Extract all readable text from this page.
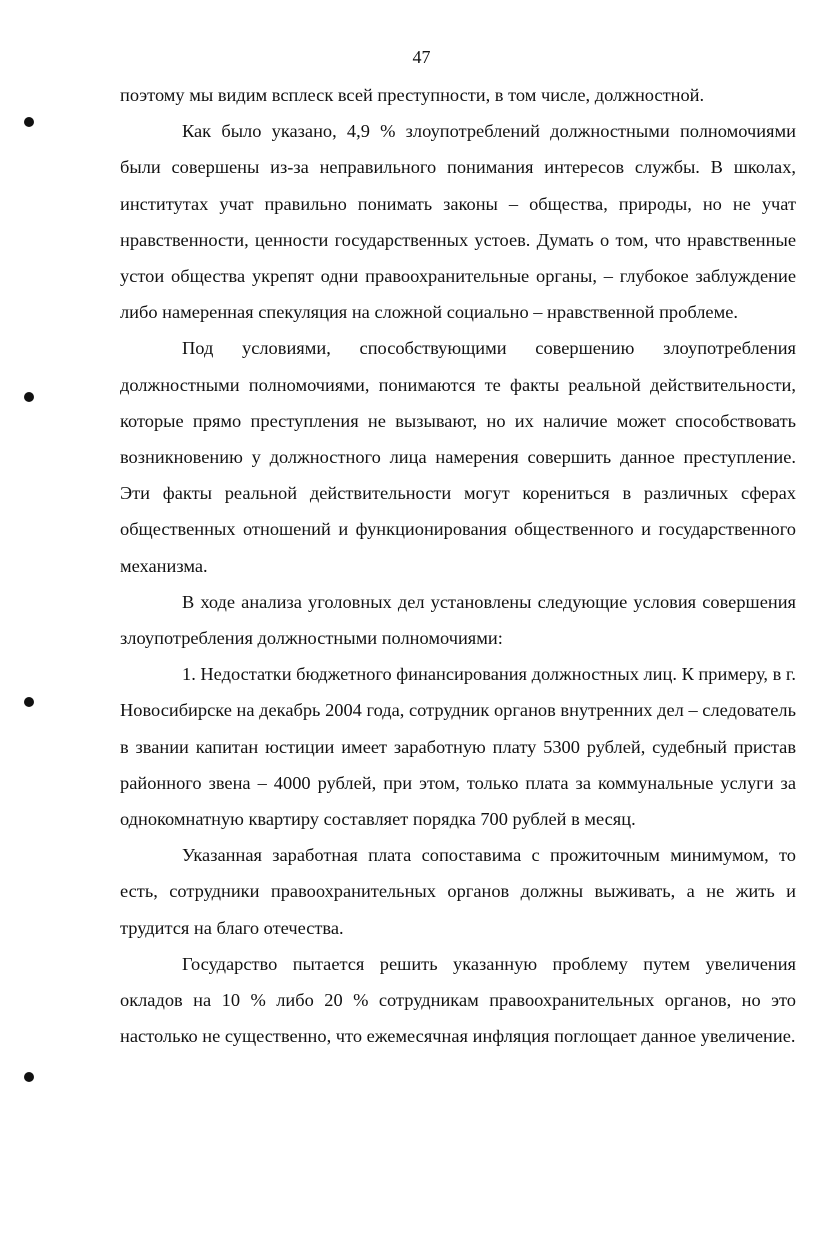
47

поэтому мы видим всплеск всей преступности, в том числе, должностной.

Как было указано, 4,9 % злоупотреблений должностными полномочиями были совершены из-за неправильного понимания интересов службы. В школах, институтах учат правильно понимать законы – общества, природы, но не учат нравственности, ценности государственных устоев. Думать о том, что нравственные устои общества укрепят одни правоохранительные органы, – глубокое заблуждение либо намеренная спекуляция на сложной социально – нравственной проблеме.

Под условиями, способствующими совершению злоупотребления должностными полномочиями, понимаются те факты реальной действительности, которые прямо преступления не вызывают, но их наличие может способствовать возникновению у должностного лица намерения совершить данное преступление. Эти факты реальной действительности могут корениться в различных сферах общественных отношений и функционирования общественного и государственного механизма.

В ходе анализа уголовных дел установлены следующие условия совершения злоупотребления должностными полномочиями:

1. Недостатки бюджетного финансирования должностных лиц. К примеру, в г. Новосибирске на декабрь 2004 года, сотрудник органов внутренних дел – следователь в звании капитан юстиции имеет заработную плату 5300 рублей, судебный пристав районного звена – 4000 рублей, при этом, только плата за коммунальные услуги за однокомнатную квартиру составляет порядка 700 рублей в месяц.

Указанная заработная плата сопоставима с прожиточным минимумом, то есть, сотрудники правоохранительных органов должны выживать, а не жить и трудится на благо отечества.

Государство пытается решить указанную проблему путем увеличения окладов на 10 % либо 20 % сотрудникам правоохранительных органов, но это настолько не существенно, что ежемесячная инфляция поглощает данное увеличение.
